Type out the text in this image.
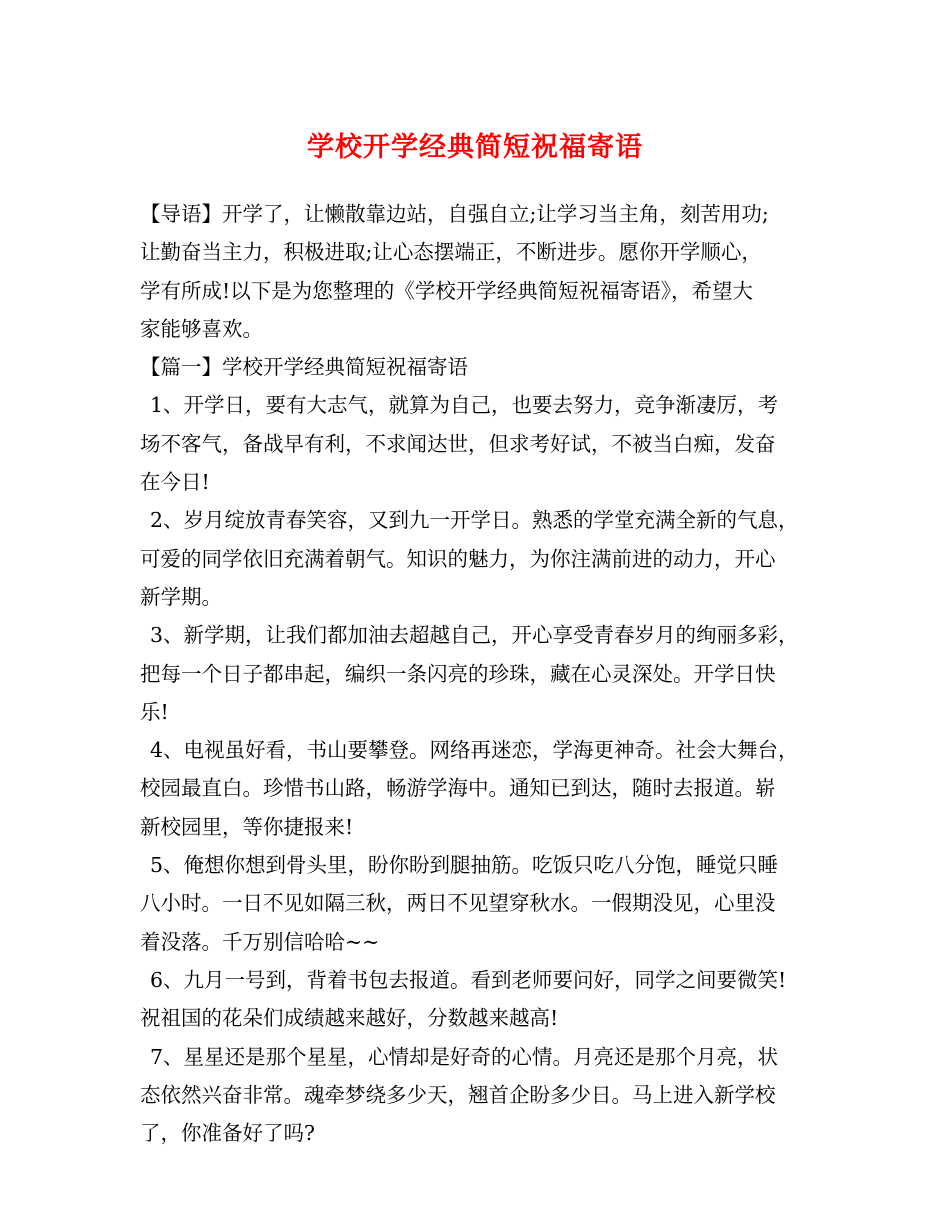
学校开学经典简短祝福寄语
【导语】开学了，让懒散靠边站，自强自立;让学习当主角，刻苦用功;
让勤奋当主力，积极进取;让心态摆端正，不断进步。愿你开学顺心，
学有所成!以下是为您整理的《学校开学经典简短祝福寄语》，希望大
家能够喜欢。
【篇一】学校开学经典简短祝福寄语
1、开学日，要有大志气，就算为自己，也要去努力，竞争渐凄厉，考
场不客气，备战早有利，不求闻达世，但求考好试，不被当白痴，发奋
在今日!
2、岁月绽放青春笑容，又到九一开学日。熟悉的学堂充满全新的气息，
可爱的同学依旧充满着朝气。知识的魅力，为你注满前进的动力，开心
新学期。
3、新学期，让我们都加油去超越自己，开心享受青春岁月的绚丽多彩，
把每一个日子都串起，编织一条闪亮的珍珠，藏在心灵深处。开学日快
乐!
4、电视虽好看，书山要攀登。网络再迷恋，学海更神奇。社会大舞台，
校园最直白。珍惜书山路，畅游学海中。通知已到达，随时去报道。崭
新校园里，等你捷报来!
5、俺想你想到骨头里，盼你盼到腿抽筋。吃饭只吃八分饱，睡觉只睡
八小时。一日不见如隔三秋，两日不见望穿秋水。一假期没见，心里没
着没落。千万别信哈哈~~
6、九月一号到，背着书包去报道。看到老师要问好，同学之间要微笑!
祝祖国的花朵们成绩越来越好，分数越来越高!
7、星星还是那个星星，心情却是好奇的心情。月亮还是那个月亮，状
态依然兴奋非常。魂牵梦绕多少天，翘首企盼多少日。马上进入新学校
了，你准备好了吗?
